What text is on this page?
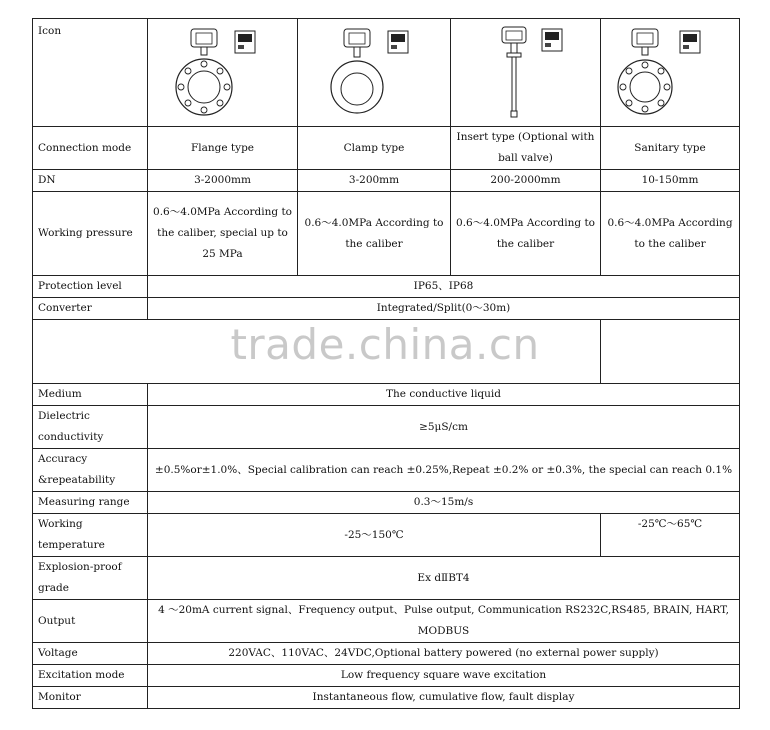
Icon	

Connection mode	Flange type	Clamp type	Insert type (Optional with ball valve)	Sanitary type
DN	3-2000mm	3-200mm	200-2000mm	10-150mm
Working pressure	0.6～4.0MPa According to the caliber, special up to 25 MPa	0.6～4.0MPa According to the caliber	0.6～4.0MPa According to the caliber	0.6～4.0MPa According to the caliber
Protection level	IP65、IP68			
Converter	Integrated/Split(0～30m)			

Medium	The conductive liquid			
Dielectric conductivity	≥5μS/cm			
Accuracy &repeatability	±0.5%or±1.0%、Special calibration can reach ±0.25%,Repeat ±0.2% or ±0.3%, the special can reach 0.1%			
Measuring range	0.3～15m/s			
Working temperature	-25～150℃			-25℃～65℃
Explosion-proof grade	Ex dⅡBT4			
Output	4 ～20mA current signal、Frequency output、Pulse output, Communication RS232C,RS485, BRAIN, HART, MODBUS			
Voltage	220VAC、110VAC、24VDC,Optional battery powered (no external power supply)			
Excitation mode	Low frequency square wave excitation			
Monitor	Instantaneous flow, cumulative flow, fault display			
trade.china.cn
